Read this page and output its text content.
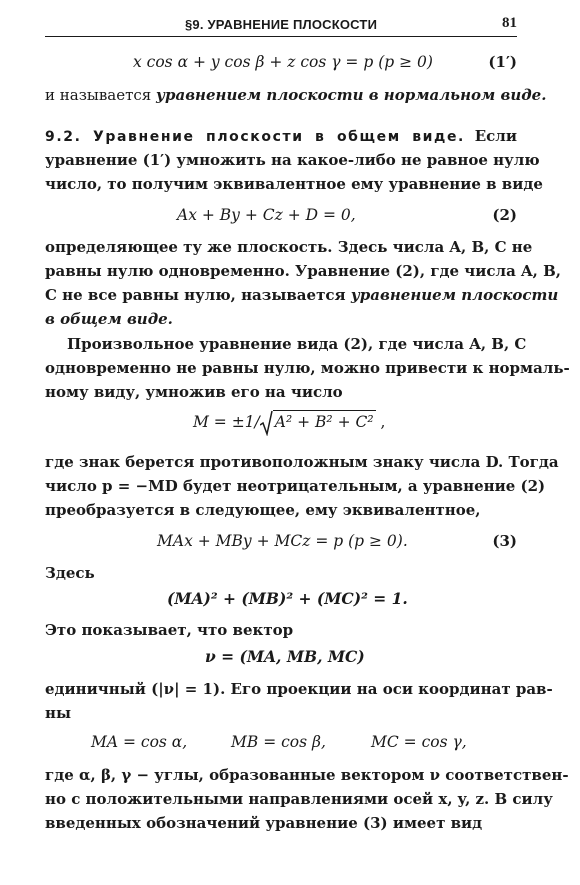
§9. УРАВНЕНИЕ ПЛОСКОСТИ	81
x cos α + y cos β + z cos γ = p (p ≥ 0)	(1′)
и называется уравнением плоскости в нормальном виде.
9.2. Уравнение плоскости в общем виде. Если
уравнение (1′) умножить на какое-либо не равное нулю
число, то получим эквивалентное ему уравнение в виде
Ax + By + Cz + D = 0,	(2)
определяющее ту же плоскость. Здесь числа A, B, C не
равны нулю одновременно. Уравнение (2), где числа A, B,
C не все равны нулю, называется уравнением плоскости
в общем виде.
Произвольное уравнение вида (2), где числа A, B, C
одновременно не равны нулю, можно привести к нормаль-
ному виду, умножив его на число
M = ±1/ A² + B² + C² ,
где знак берется противоположным знаку числа D. Тогда
число p = −MD будет неотрицательным, а уравнение (2)
преобразуется в следующее, ему эквивалентное,
MAx + MBy + MCz = p (p ≥ 0).	(3)
Здесь
(MA)² + (MB)² + (MC)² = 1.
Это показывает, что вектор
ν = (MA, MB, MC)
единичный (|ν| = 1). Его проекции на оси координат рав-
ны
MA = cos α,	MB = cos β,	MC = cos γ,
где α, β, γ − углы, образованные вектором ν соответствен-
но с положительными направлениями осей x, y, z. В силу
введенных обозначений уравнение (3) имеет вид
